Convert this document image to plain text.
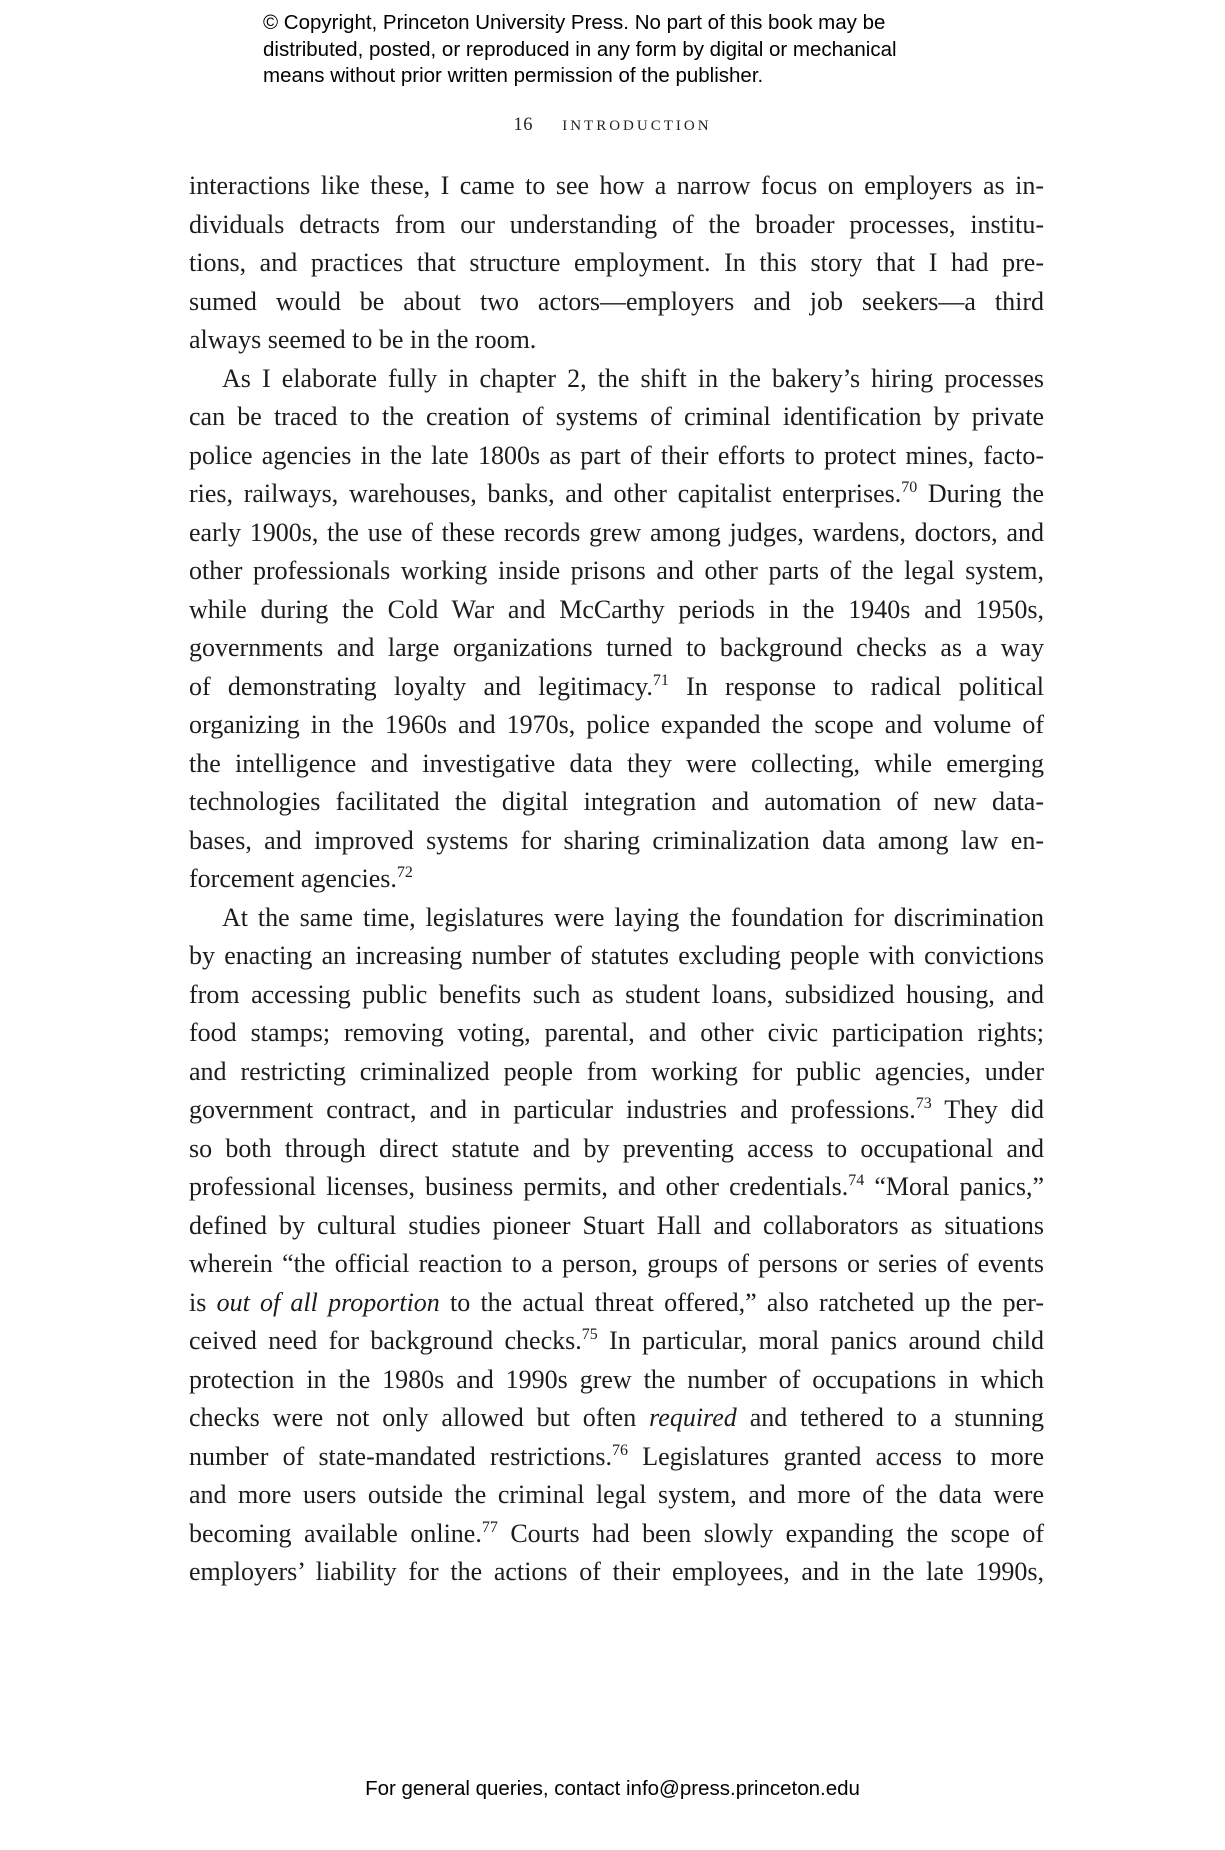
© Copyright, Princeton University Press. No part of this book may be
distributed, posted, or reproduced in any form by digital or mechanical
means without prior written permission of the publisher.
16 introduction
interactions like these, I came to see how a narrow focus on employers as in-
dividuals detracts from our understanding of the broader processes, institu-
tions, and practices that structure employment. In this story that I had pre-
sumed would be about two actors—employers and job seekers—a third
always seemed to be in the room.
As I elaborate fully in chapter 2, the shift in the bakery’s hiring processes
can be traced to the creation of systems of criminal identification by private
police agencies in the late 1800s as part of their efforts to protect mines, facto-
ries, railways, warehouses, banks, and other capitalist enterprises.$^{70}$ During the
early 1900s, the use of these records grew among judges, wardens, doctors, and
other professionals working inside prisons and other parts of the legal system,
while during the Cold War and McCarthy periods in the 1940s and 1950s,
governments and large organizations turned to background checks as a way
of demonstrating loyalty and legitimacy.$^{71}$ In response to radical political
organizing in the 1960s and 1970s, police expanded the scope and volume of
the intelligence and investigative data they were collecting, while emerging
technologies facilitated the digital integration and automation of new data-
bases, and improved systems for sharing criminalization data among law en-
forcement agencies.$^{72}$
At the same time, legislatures were laying the foundation for discrimination
by enacting an increasing number of statutes excluding people with convictions
from accessing public benefits such as student loans, subsidized housing, and
food stamps; removing voting, parental, and other civic participation rights;
and restricting criminalized people from working for public agencies, under
government contract, and in particular industries and professions.$^{73}$ They did
so both through direct statute and by preventing access to occupational and
professional licenses, business permits, and other credentials.$^{74}$ “Moral panics,”
defined by cultural studies pioneer Stuart Hall and collaborators as situations
wherein “the official reaction to a person, groups of persons or series of events
is out of all proportion to the actual threat offered,” also ratcheted up the per-
ceived need for background checks.$^{75}$ In particular, moral panics around child
protection in the 1980s and 1990s grew the number of occupations in which
checks were not only allowed but often required and tethered to a stunning
number of state-mandated restrictions.$^{76}$ Legislatures granted access to more
and more users outside the criminal legal system, and more of the data were
becoming available online.$^{77}$ Courts had been slowly expanding the scope of
employers’ liability for the actions of their employees, and in the late 1990s,
For general queries, contact info@press.princeton.edu
